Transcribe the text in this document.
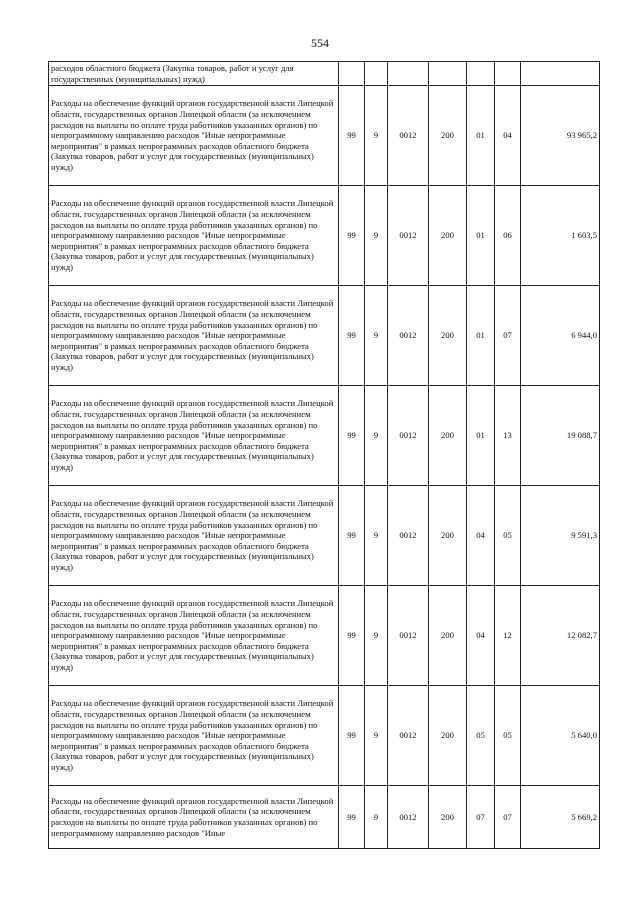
554
расходов областного бюджета (Закупка товаров, работ и услуг для государственных (муниципальных) нужд)							
Расходы на обеспечение функций органов государственной власти Липецкой области, государственных органов Липецкой области (за исключением расходов на выплаты по оплате труда работников указанных органов) по непрограммному направлению расходов "Иные непрограммные мероприятия" в рамках непрограммных расходов областного бюджета (Закупка товаров, работ и услуг для государственных (муниципальных) нужд)	99	9	0012	200	01	04	93 965,2
Расходы на обеспечение функций органов государственной власти Липецкой области, государственных органов Липецкой области (за исключением расходов на выплаты по оплате труда работников указанных органов) по непрограммному направлению расходов "Иные непрограммные мероприятия" в рамках непрограммных расходов областного бюджета (Закупка товаров, работ и услуг для государственных (муниципальных) нужд)	99	9	0012	200	01	06	1 603,5
Расходы на обеспечение функций органов государственной власти Липецкой области, государственных органов Липецкой области (за исключением расходов на выплаты по оплате труда работников указанных органов) по непрограммному направлению расходов "Иные непрограммные мероприятия" в рамках непрограммных расходов областного бюджета (Закупка товаров, работ и услуг для государственных (муниципальных) нужд)	99	9	0012	200	01	07	6 944,0
Расходы на обеспечение функций органов государственной власти Липецкой области, государственных органов Липецкой области (за исключением расходов на выплаты по оплате труда работников указанных органов) по непрограммному направлению расходов "Иные непрограммные мероприятия" в рамках непрограммных расходов областного бюджета (Закупка товаров, работ и услуг для государственных (муниципальных) нужд)	99	9	0012	200	01	13	19 088,7
Расходы на обеспечение функций органов государственной власти Липецкой области, государственных органов Липецкой области (за исключением расходов на выплаты по оплате труда работников указанных органов) по непрограммному направлению расходов "Иные непрограммные мероприятия" в рамках непрограммных расходов областного бюджета (Закупка товаров, работ и услуг для государственных (муниципальных) нужд)	99	9	0012	200	04	05	9 591,3
Расходы на обеспечение функций органов государственной власти Липецкой области, государственных органов Липецкой области (за исключением расходов на выплаты по оплате труда работников указанных органов) по непрограммному направлению расходов "Иные непрограммные мероприятия" в рамках непрограммных расходов областного бюджета (Закупка товаров, работ и услуг для государственных (муниципальных) нужд)	99	9	0012	200	04	12	12 082,7
Расходы на обеспечение функций органов государственной власти Липецкой области, государственных органов Липецкой области (за исключением расходов на выплаты по оплате труда работников указанных органов) по непрограммному направлению расходов "Иные непрограммные мероприятия" в рамках непрограммных расходов областного бюджета (Закупка товаров, работ и услуг для государственных (муниципальных) нужд)	99	9	0012	200	05	05	5 640,0
Расходы на обеспечение функций органов государственной власти Липецкой области, государственных органов Липецкой области (за исключением расходов на выплаты по оплате труда работников указанных органов) по непрограммному направлению расходов "Иные	99	9	0012	200	07	07	5 669,2
